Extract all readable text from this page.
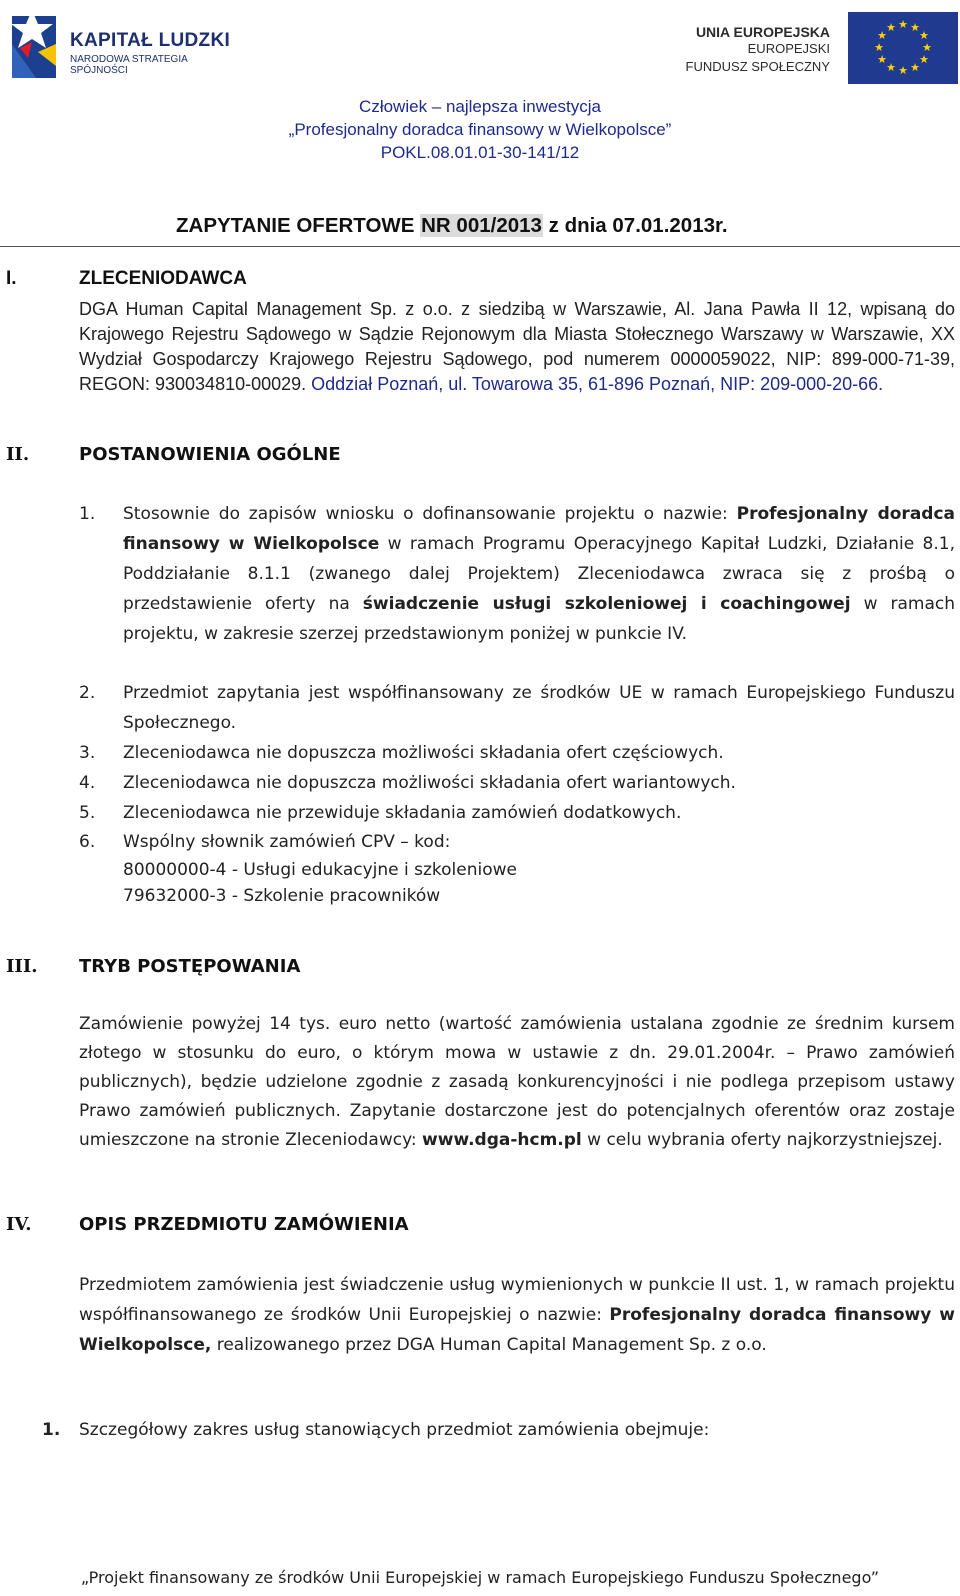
KAPITAŁ LUDZKI
NARODOWA STRATEGIA SPÓJNOŚCI
UNIA EUROPEJSKA
EUROPEJSKI
FUNDUSZ SPOŁECZNY
★ ★
★
★
★
★
★
★
★
★
★
★
Człowiek – najlepsza inwestycja
„Profesjonalny doradca finansowy w Wielkopolsce”
POKL.08.01.01-30-141/12
ZAPYTANIE OFERTOWE NR 001/2013 z dnia 07.01.2013r.
I.	ZLECENIODAWCA
DGA Human Capital Management Sp. z o.o. z siedzibą w Warszawie, Al. Jana Pawła II 12, wpisaną do Krajowego Rejestru Sądowego w Sądzie Rejonowym dla Miasta Stołecznego Warszawy w Warszawie, XX Wydział Gospodarczy Krajowego Rejestru Sądowego, pod numerem 0000059022, NIP: 899-000-71-39, REGON: 930034810-00029. Oddział Poznań, ul. Towarowa 35, 61-896 Poznań, NIP: 209-000-20-66.
II.	POSTANOWIENIA OGÓLNE
1. Stosownie do zapisów wniosku o dofinansowanie projektu o nazwie: Profesjonalny doradca finansowy w Wielkopolsce w ramach Programu Operacyjnego Kapitał Ludzki, Działanie 8.1, Poddziałanie 8.1.1 (zwanego dalej Projektem) Zleceniodawca zwraca się z prośbą o przedstawienie oferty na świadczenie usługi szkoleniowej i coachingowej w ramach projektu, w zakresie szerzej przedstawionym poniżej w punkcie IV.
2. Przedmiot zapytania jest współfinansowany ze środków UE w ramach Europejskiego Funduszu Społecznego.
3. Zleceniodawca nie dopuszcza możliwości składania ofert częściowych.
4. Zleceniodawca nie dopuszcza możliwości składania ofert wariantowych.
5. Zleceniodawca nie przewiduje składania zamówień dodatkowych.
6. Wspólny słownik zamówień CPV – kod:
80000000-4 - Usługi edukacyjne i szkoleniowe
79632000-3 - Szkolenie pracowników
III. TRYB POSTĘPOWANIA
Zamówienie powyżej 14 tys. euro netto (wartość zamówienia ustalana zgodnie ze średnim kursem złotego w stosunku do euro, o którym mowa w ustawie z dn. 29.01.2004r. – Prawo zamówień publicznych), będzie udzielone zgodnie z zasadą konkurencyjności i nie podlega przepisom ustawy Prawo zamówień publicznych. Zapytanie dostarczone jest do potencjalnych oferentów oraz zostaje umieszczone na stronie Zleceniodawcy: www.dga-hcm.pl w celu wybrania oferty najkorzystniejszej.
IV.	OPIS PRZEDMIOTU ZAMÓWIENIA
Przedmiotem zamówienia jest świadczenie usług wymienionych w punkcie II ust. 1, w ramach projektu współfinansowanego ze środków Unii Europejskiej o nazwie: Profesjonalny doradca finansowy w Wielkopolsce, realizowanego przez DGA Human Capital Management Sp. z o.o.
1. Szczegółowy zakres usług stanowiących przedmiot zamówienia obejmuje:
„Projekt finansowany ze środków Unii Europejskiej w ramach Europejskiego Funduszu Społecznego”
